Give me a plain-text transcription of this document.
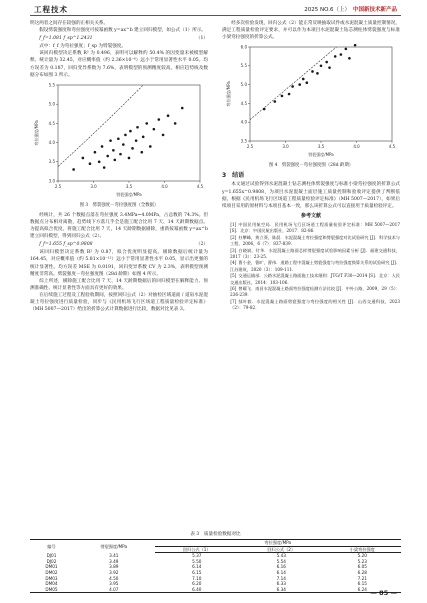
工程技术	2025 NO.6（上） 中国新技术新产品

明这两者之间存在较强的正相关关系。

假设劈裂强度和弯拉强度可按幂函数 y=ax^b 建立回归模型，如公式（1）所示。

f_f=1.081 f_sp^1.2431	（1）

式中：f_f 为弯拉强度；f_sp 为劈裂强度。

该回归模型决定系数 R² 为 0.496，表明可以解释约 50.4% 的因变量未被模型解释。统计量为 32.45，对应概率值（约 2.36×10⁻⁸）远小于常用显著性水平 0.05。均方误差为 0.187，回归变异系数为 7.6%，表明模型的预测精度较高。相应趋势线及数据分布如图 3 所示。

2.5	3.0	3.5	4.0	4.5
3.0
3.5
4.0
4.5
5.0
5.5
劈裂强度/MPa
弯拉强度/MPa
图 3　劈裂强度－弯拉强度图（全数据）

经统计，共 26 个数据点落在弯拉强度 3.4MPa~4.0MPa，占总数的 74.3%。但数据点分布相对离散，趋势线下方落几乎全是施工配合比用 7 天、14 天龄期数据点。为提高拟合优度，将施工配合比用 7 天、14 天龄期数据剔除，重新按幂函数 y=ax^b 建立回归模型，得到同归公式（2）。

f_f=1.655 f_sp^0.9808	（2）

该回归模型决定系数 R² 为 0.87，拟合优度明显提高。剔除数据后统计量为 164.45，对应概率值（约 5.81×10⁻¹²）远小于常用显著性水平 0.05，显示出更强的统计显著性。均方误差 MSE 为 0.0191，回归变异系数 CV 为 2.3%，表明模型预测精度非常高。劈裂强度－弯拉强度图（28d 龄期）如图 4 所示。

综上所述，剔除施工配合比用 7 天、14 天龄期数据后的回归模型在解释能力、预测准确性、统计显著性等方面具有更好的效果。

在后续施工过程及工程验收期间，按照回归公式（2）对抽检区域道面 / 道肩水泥混凝土弯拉强度进行质量检验，同步与《民用机场飞行区场道工程质量检验评定标准》（MH 5007—2017）给出的折算公式计算数据进行比较，数据对比见表 3。

经多次检验发现，回归公式（2）能正常反映抽取试件或水泥混凝土质量控制情况，满足工程质量检验评定要求，并可以作为本项目水泥混凝土钻芯测柱体劈裂强度与标准小梁弯拉强度的折算公式。

2.5	3.0	3.5	4.0	4.5
3.5
4.0
4.5
5.0
5.5
6.0
劈裂强度/MPa
弯拉强度/MPa
图 4　劈裂强度－弯拉强度图（28d 龄期）
3　结语

本文通过试验得到水泥混凝土钻芯测柱体劈裂强度与标准小梁弯拉强度的折算公式 y=1.655x^0.9808，为项目水泥混凝土面层施工质量控制和验收评定提供了判断依据，根据《民用机场飞行区场道工程质量检验评定标准》（MH 5007—2017），如果后续项目采用的原材料与本项目基本一致，那么该折算公式可以直接用于质量检验评定。

参考文献

[1] 中国民用航空局．民用机场飞行区场道工程质量检验评定标准：MH 5007—2017 [S]．北京：中国民航出版社，2017：82-86．

[2] 杜攀峰，黄立葵，陈晨．水泥混凝土弯拉强度和劈裂强度对比试验研究 [J]．科学技术与工程，2006，6（7）：837-839．

[3] 白晓斌，付华．水泥混凝土路面芯样劈裂强度试验影响因素分析 [J]．福建交通科技，2017（3）：23-25．

[4] 曹小金，曹旷，曹伟．道路工程中混凝土劈裂强度与弯拉强度换算关系的试验研究 [J]．江苏建筑，2020（3）：109-111．

[5] 交通运输部．公路水泥混凝土路面施工技术细则：JTG/T F30—2014 [S]．北京：人民交通出版社，2014：103-106．

[6] 曾耀飞．南昌水泥混凝土路面弯拉强度检测方法比较 [J]．中外公路，2009，29（5）：236-239．

[7] 郜叶毅．水泥混凝土路面劈裂强度与弯拉强度的相关性 [J]．山西交通科技，2023（2）：79-82．

表 3　质量检验数据对比
编号	劈裂强度/MPa	弯拉强度/MPa		
		回归公式（1）	回归公式（2）	小梁弯拉强度
DJ01	3.41	5.37	5.43	5.20
DJ02	3.49	5.50	5.54	5.23
DM01	3.89	6.14	6.16	6.05
DM02	3.92	6.15	6.14	6.28
DM03	4.50	7.10	7.14	7.21
DM04	3.95	6.20	6.33	6.15
DM05	4.07	6.40	6.34	6.24 — 85 —
